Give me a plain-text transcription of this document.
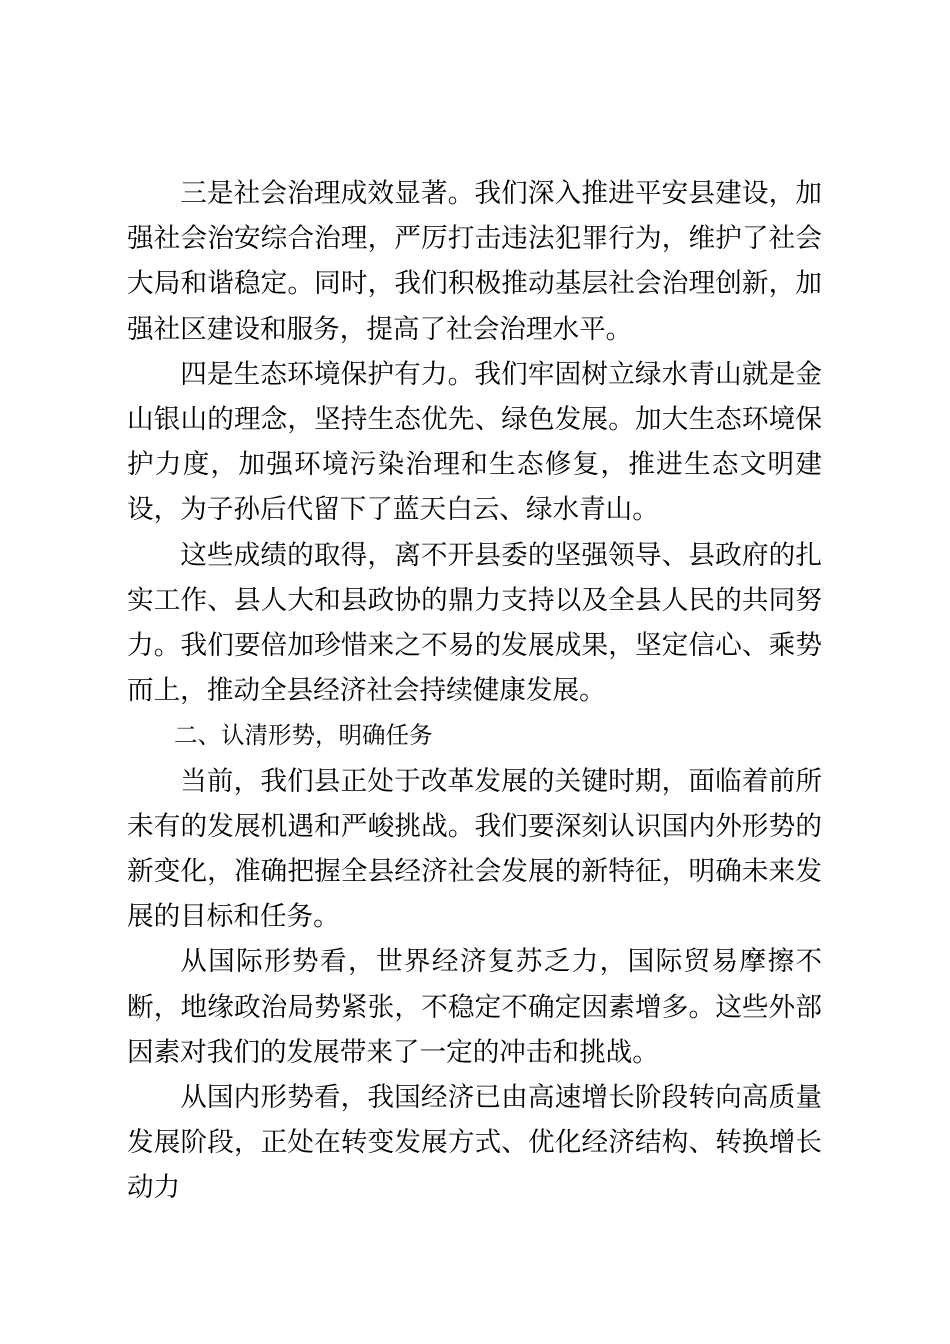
三是社会治理成效显著。我们深入推进平安县建设，加强社会治安综合治理，严厉打击违法犯罪行为，维护了社会大局和谐稳定。同时，我们积极推动基层社会治理创新，加强社区建设和服务，提高了社会治理水平。

四是生态环境保护有力。我们牢固树立绿水青山就是金山银山的理念，坚持生态优先、绿色发展。加大生态环境保护力度，加强环境污染治理和生态修复，推进生态文明建设，为子孙后代留下了蓝天白云、绿水青山。

这些成绩的取得，离不开县委的坚强领导、县政府的扎实工作、县人大和县政协的鼎力支持以及全县人民的共同努力。我们要倍加珍惜来之不易的发展成果，坚定信心、乘势而上，推动全县经济社会持续健康发展。

二、认清形势，明确任务

当前，我们县正处于改革发展的关键时期，面临着前所未有的发展机遇和严峻挑战。我们要深刻认识国内外形势的新变化，准确把握全县经济社会发展的新特征，明确未来发展的目标和任务。

从国际形势看，世界经济复苏乏力，国际贸易摩擦不断，地缘政治局势紧张，不稳定不确定因素增多。这些外部因素对我们的发展带来了一定的冲击和挑战。

从国内形势看，我国经济已由高速增长阶段转向高质量发展阶段，正处在转变发展方式、优化经济结构、转换增长动力
